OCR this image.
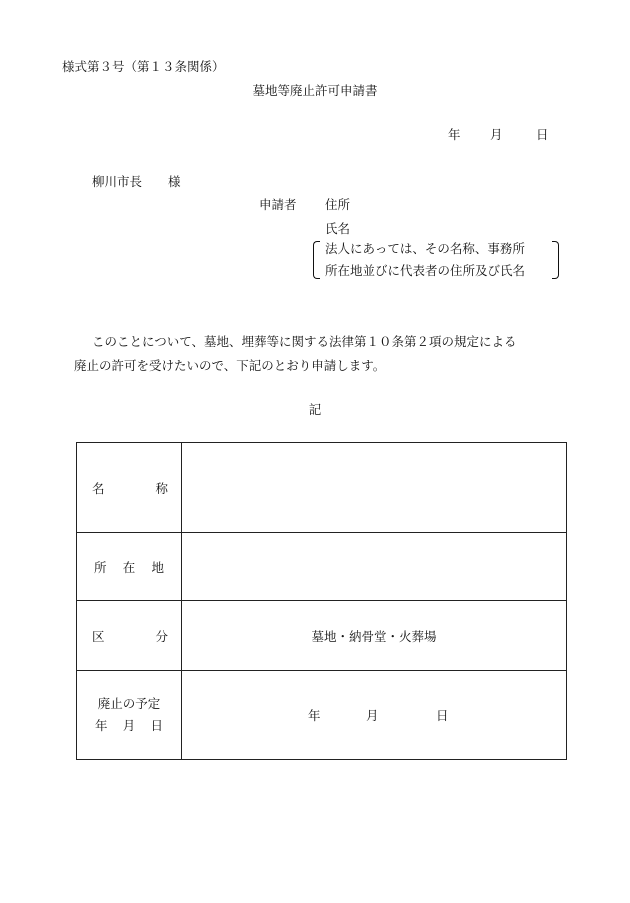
様式第３号（第１３条関係）
墓地等廃止許可申請書
年 月	日
柳川市長 様
申請者 住所
氏名
法人にあっては、その名称、事務所
所在地並びに代表者の住所及び氏名
このことについて、墓地、埋葬等に関する法律第１０条第２項の規定による
廃止の許可を受けたいので、下記のとおり申請します。
記
名 称	

所 在 地	

区 分	墓地・納骨堂・火葬場

廃止の予定
年 月 日	年 月 日
